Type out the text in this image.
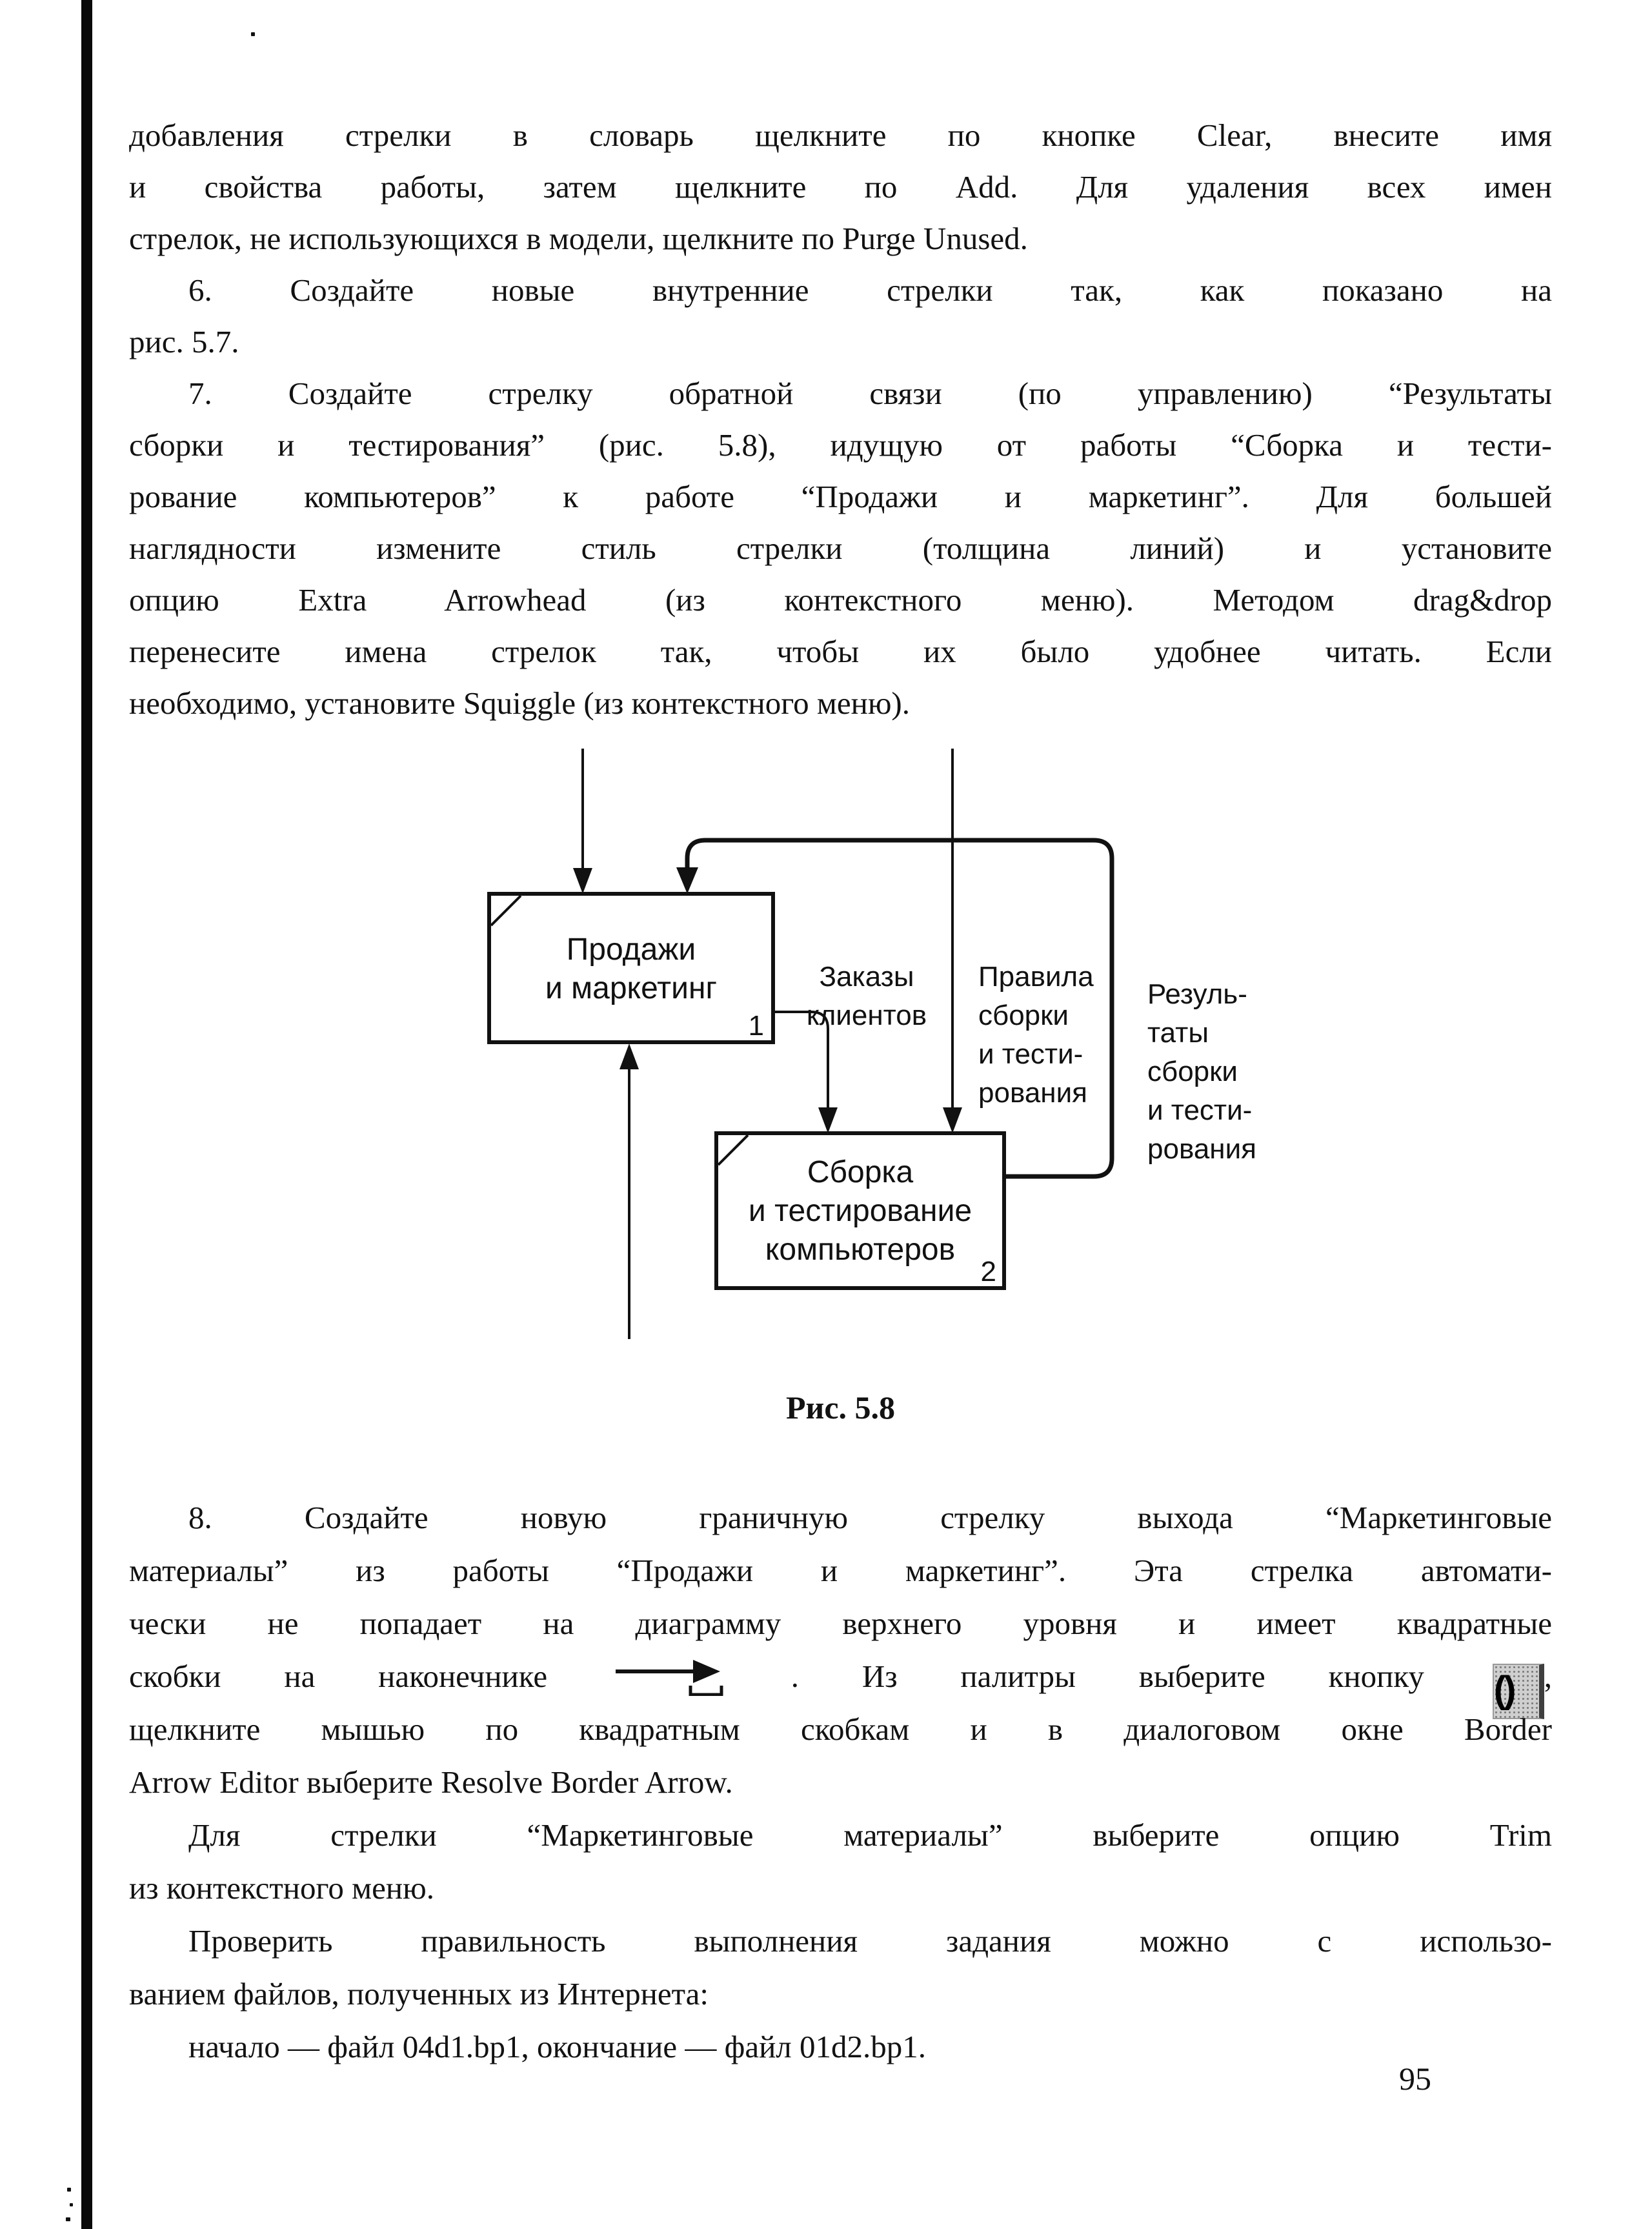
добавления стрелки в словарь щелкните по кнопке Clear, внесите имя
и свойства работы, затем щелкните по Add. Для удаления всех имен
стрелок, не использующихся в модели, щелкните по Purge Unused.
6. Создайте новые внутренние стрелки так, как показано на
рис. 5.7.
7. Создайте стрелку обратной связи (по управлению) “Результаты
сборки и тестирования” (рис. 5.8), идущую от работы “Сборка и тести-
рование компьютеров” к работе “Продажи и маркетинг”. Для большей
наглядности измените стиль стрелки (толщина линий) и установите
опцию Extra Arrowhead (из контекстного меню). Методом drag&drop
перенесите имена стрелок так, чтобы их было удобнее читать. Если
необходимо, установите Squiggle (из контекстного меню).
Продажи
и маркетинг
1
Сборка
и тестирование
компьютеров
2
Заказы
клиентов
Правила
сборки
и тести-
рования
Резуль-
таты
сборки
и тести-
рования
Рис. 5.8
8. Создайте новую граничную стрелку выхода “Маркетинговые
материалы” из работы “Продажи и маркетинг”. Эта стрелка автомати-
чески не попадает на диаграмму верхнего уровня и имеет квадратные
скобки на наконечнике	. Из палитры выберите кнопку () ,
щелкните мышью по квадратным скобкам и в диалоговом окне Border
Arrow Editor выберите Resolve Border Arrow.
Для стрелки “Маркетинговые материалы” выберите опцию Trim
из контекстного меню.
Проверить правильность выполнения задания можно с использо-
ванием файлов, полученных из Интернета:
начало — файл 04d1.bp1, окончание — файл 01d2.bp1.
95
